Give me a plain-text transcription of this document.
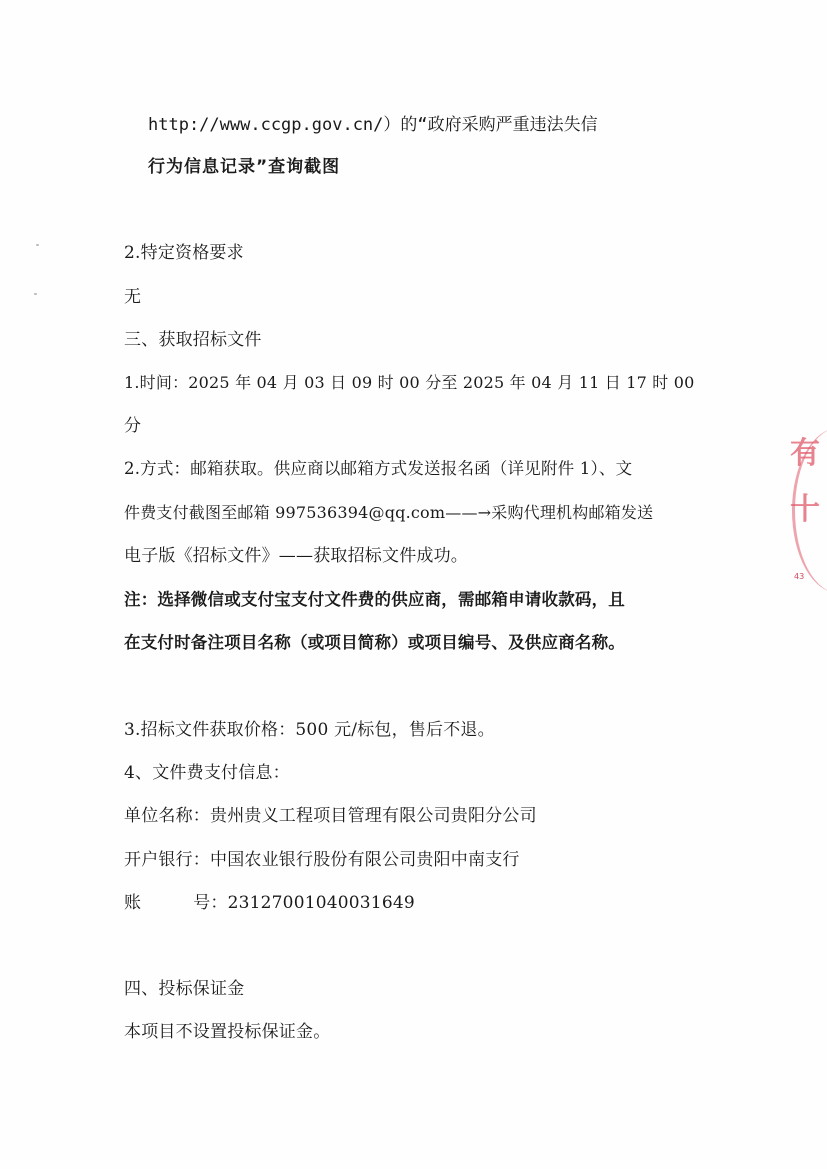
http://www.ccgp.gov.cn/）的“政府采购严重违法失信
行为信息记录”查询截图
2.特定资格要求
无
三、获取招标文件
1.时间：2025 年 04 月 03 日 09 时 00 分至 2025 年 04 月 11 日 17 时 00
分
2.方式：邮箱获取。供应商以邮箱方式发送报名函（详见附件 1）、文
件费支付截图至邮箱 997536394@qq.com——→采购代理机构邮箱发送
电子版《招标文件》——获取招标文件成功。
注：选择微信或支付宝支付文件费的供应商，需邮箱申请收款码，且
在支付时备注项目名称（或项目简称）或项目编号、及供应商名称。
3.招标文件获取价格：500 元/标包，售后不退。
4、文件费支付信息：
单位名称：贵州贵义工程项目管理有限公司贵阳分公司
开户银行：中国农业银行股份有限公司贵阳中南支行
账	号：23127001040031649
四、投标保证金
本项目不设置投标保证金。
有
十
43
